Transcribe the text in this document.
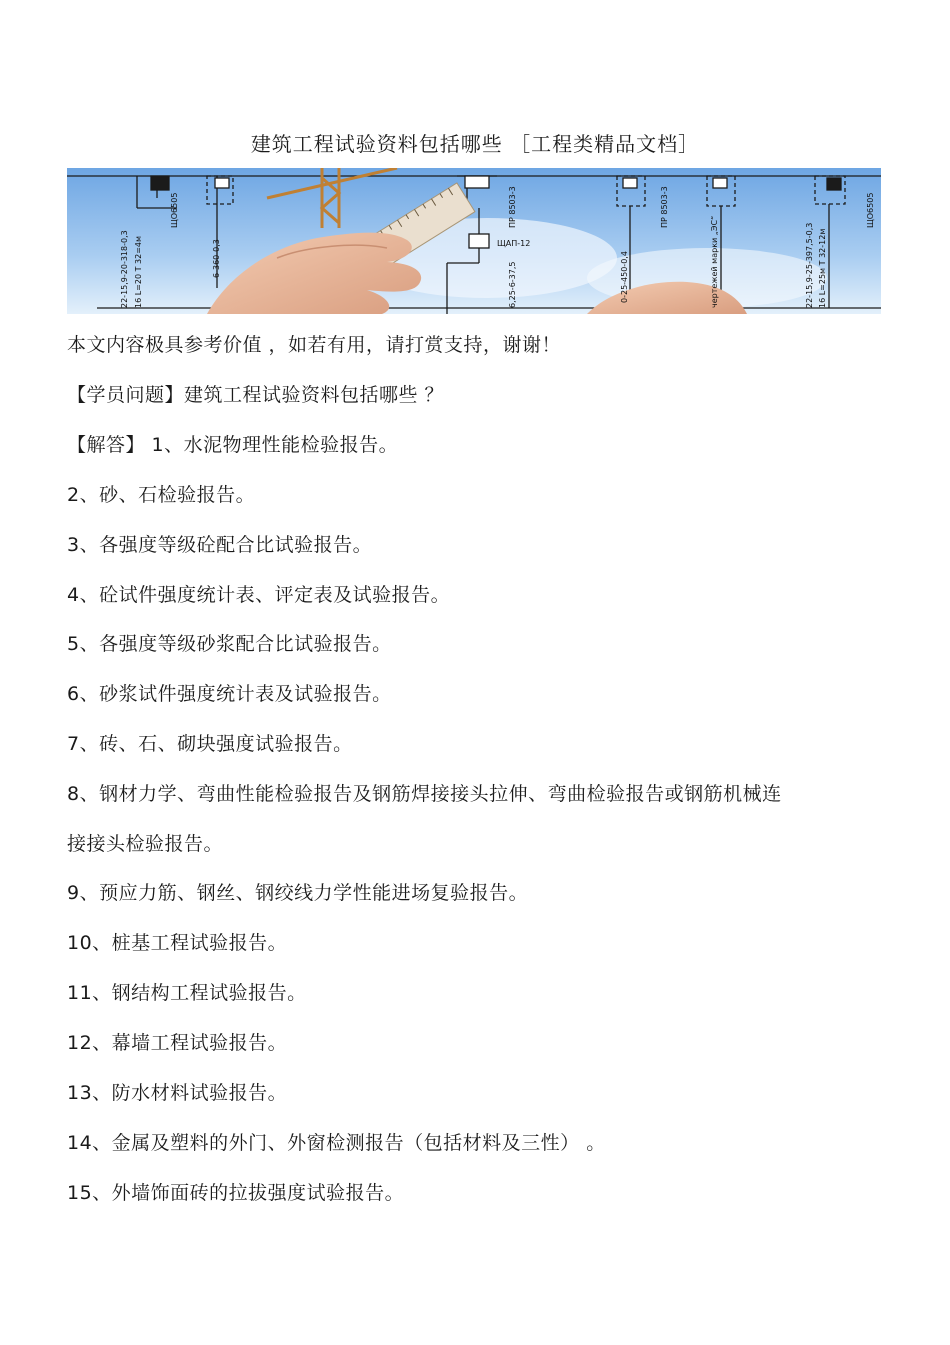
建筑工程试验资料包括哪些 ［工程类精品文档］
22-15,9-20-318-0,3 16 L=20 T 32=4м
ЩО6505
6-360-0,3
ПР 8503-3
ЩАП-12
6,25-6-37,5	0-25-450-0,4
ПР 8503-3
чертежей марки „ЭС“	22-15,9-25-397,5-0,3 16 L=25м T 32-12м
ЩО6505
本文内容极具参考价值 ，如若有用，请打赏支持，谢谢！
【学员问题】建筑工程试验资料包括哪些 ？
【解答】 1、水泥物理性能检验报告。
2、砂、石检验报告。
3、各强度等级砼配合比试验报告。
4、砼试件强度统计表、评定表及试验报告。
5、各强度等级砂浆配合比试验报告。
6、砂浆试件强度统计表及试验报告。
7、砖、石、砌块强度试验报告。
8、钢材力学、弯曲性能检验报告及钢筋焊接接头拉伸、弯曲检验报告或钢筋机械连
接接头检验报告。
9、预应力筋、钢丝、钢绞线力学性能进场复验报告。
10、桩基工程试验报告。
11、钢结构工程试验报告。
12、幕墙工程试验报告。
13、防水材料试验报告。
14、金属及塑料的外门、外窗检测报告（包括材料及三性） 。
15、外墙饰面砖的拉拔强度试验报告。
